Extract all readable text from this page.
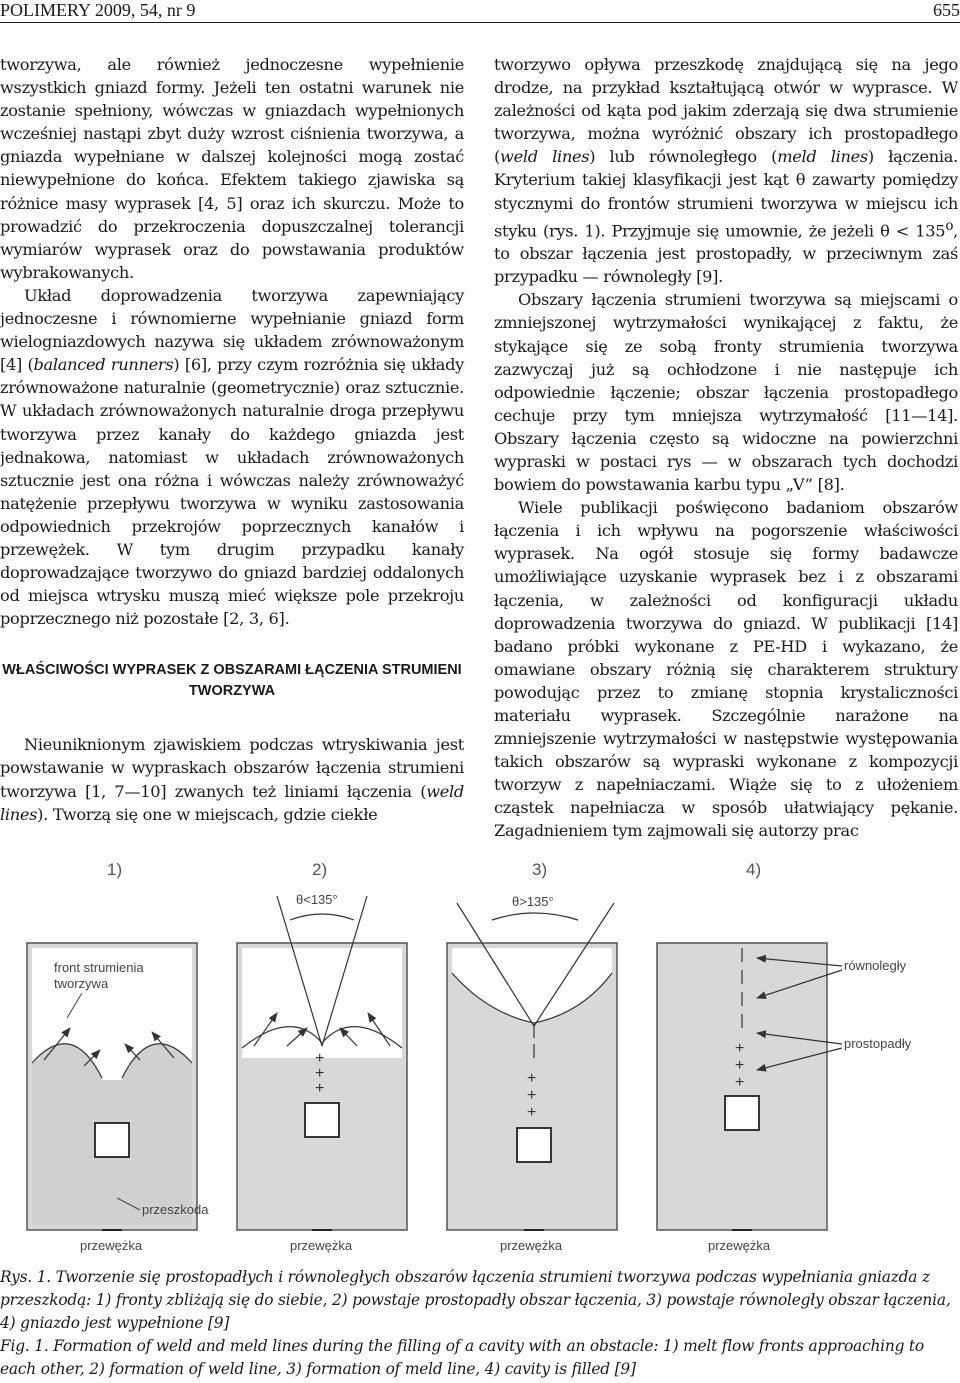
POLIMERY 2009, 54, nr 9	655

tworzywa, ale również jednoczesne wypełnienie wszystkich gniazd formy. Jeżeli ten ostatni warunek nie zostanie spełniony, wówczas w gniazdach wypełnionych wcześniej nastąpi zbyt duży wzrost ciśnienia tworzywa, a gniazda wypełniane w dalszej kolejności mogą zostać niewypełnione do końca. Efektem takiego zjawiska są różnice masy wyprasek [4, 5] oraz ich skurczu. Może to prowadzić do przekroczenia dopuszczalnej tolerancji wymiarów wyprasek oraz do powstawania produktów wybrakowanych.

Układ doprowadzenia tworzywa zapewniający jednoczesne i równomierne wypełnianie gniazd form wielogniazdowych nazywa się układem zrównoważonym [4] (balanced runners) [6], przy czym rozróżnia się układy zrównoważone naturalnie (geometrycznie) oraz sztucznie. W układach zrównoważonych naturalnie droga przepływu tworzywa przez kanały do każdego gniazda jest jednakowa, natomiast w układach zrównoważonych sztucznie jest ona różna i wówczas należy zrównoważyć natężenie przepływu tworzywa w wyniku zastosowania odpowiednich przekrojów poprzecznych kanałów i przewężek. W tym drugim przypadku kanały doprowadzające tworzywo do gniazd bardziej oddalonych od miejsca wtrysku muszą mieć większe pole przekroju poprzecznego niż pozostałe [2, 3, 6].

WŁAŚCIWOŚCI WYPRASEK Z OBSZARAMI ŁĄCZENIA STRUMIENI TWORZYWA

Nieuniknionym zjawiskiem podczas wtryskiwania jest powstawanie w wypraskach obszarów łączenia strumieni tworzywa [1, 7—10] zwanych też liniami łączenia (weld lines). Tworzą się one w miejscach, gdzie ciekłe

tworzywo opływa przeszkodę znajdującą się na jego drodze, na przykład kształtującą otwór w wyprasce. W zależności od kąta pod jakim zderzają się dwa strumienie tworzywa, można wyróżnić obszary ich prostopadłego (weld lines) lub równoległego (meld lines) łączenia. Kryterium takiej klasyfikacji jest kąt θ zawarty pomiędzy stycznymi do frontów strumieni tworzywa w miejscu ich styku (rys. 1). Przyjmuje się umownie, że jeżeli $\theta < 135^o$, to obszar łączenia jest prostopadły, w przeciwnym zaś przypadku — równoległy [9].

Obszary łączenia strumieni tworzywa są miejscami o zmniejszonej wytrzymałości wynikającej z faktu, że stykające się ze sobą fronty strumienia tworzywa zazwyczaj już są ochłodzone i nie następuje ich odpowiednie łączenie; obszar łączenia prostopadłego cechuje przy tym mniejsza wytrzymałość [11—14]. Obszary łączenia często są widoczne na powierzchni wypraski w postaci rys — w obszarach tych dochodzi bowiem do powstawania karbu typu „V” [8].

Wiele publikacji poświęcono badaniom obszarów łączenia i ich wpływu na pogorszenie właściwości wyprasek. Na ogół stosuje się formy badawcze umożliwiające uzyskanie wyprasek bez i z obszarami łączenia, w zależności od konfiguracji układu doprowadzenia tworzywa do gniazd. W publikacji [14] badano próbki wykonane z PE-HD i wykazano, że omawiane obszary różnią się charakterem struktury powodując przez to zmianę stopnia krystaliczności materiału wyprasek. Szczególnie narażone na zmniejszenie wytrzymałości w następstwie występowania takich obszarów są wypraski wykonane z kompozycji tworzyw z napełniaczami. Wiąże się to z ułożeniem cząstek napełniacza w sposób ułatwiający pękanie. Zagadnieniem tym zajmowali się autorzy prac

1)	2)	3)	4)
front strumienia
tworzywa
przeszkoda
przewężka
θ<135°
+
+
+
przewężka
θ>135°
+
+
+
przewężka
+
+
+
równoległy
prostopadły
przewężka

Rys. 1. Tworzenie się prostopadłych i równoległych obszarów łączenia strumieni tworzywa podczas wypełniania gniazda z przeszkodą: 1) fronty zbliżają się do siebie, 2) powstaje prostopadły obszar łączenia, 3) powstaje równoległy obszar łączenia, 4) gniazdo jest wypełnione [9]

Fig. 1. Formation of weld and meld lines during the filling of a cavity with an obstacle: 1) melt flow fronts approaching to each other, 2) formation of weld line, 3) formation of meld line, 4) cavity is filled [9]
